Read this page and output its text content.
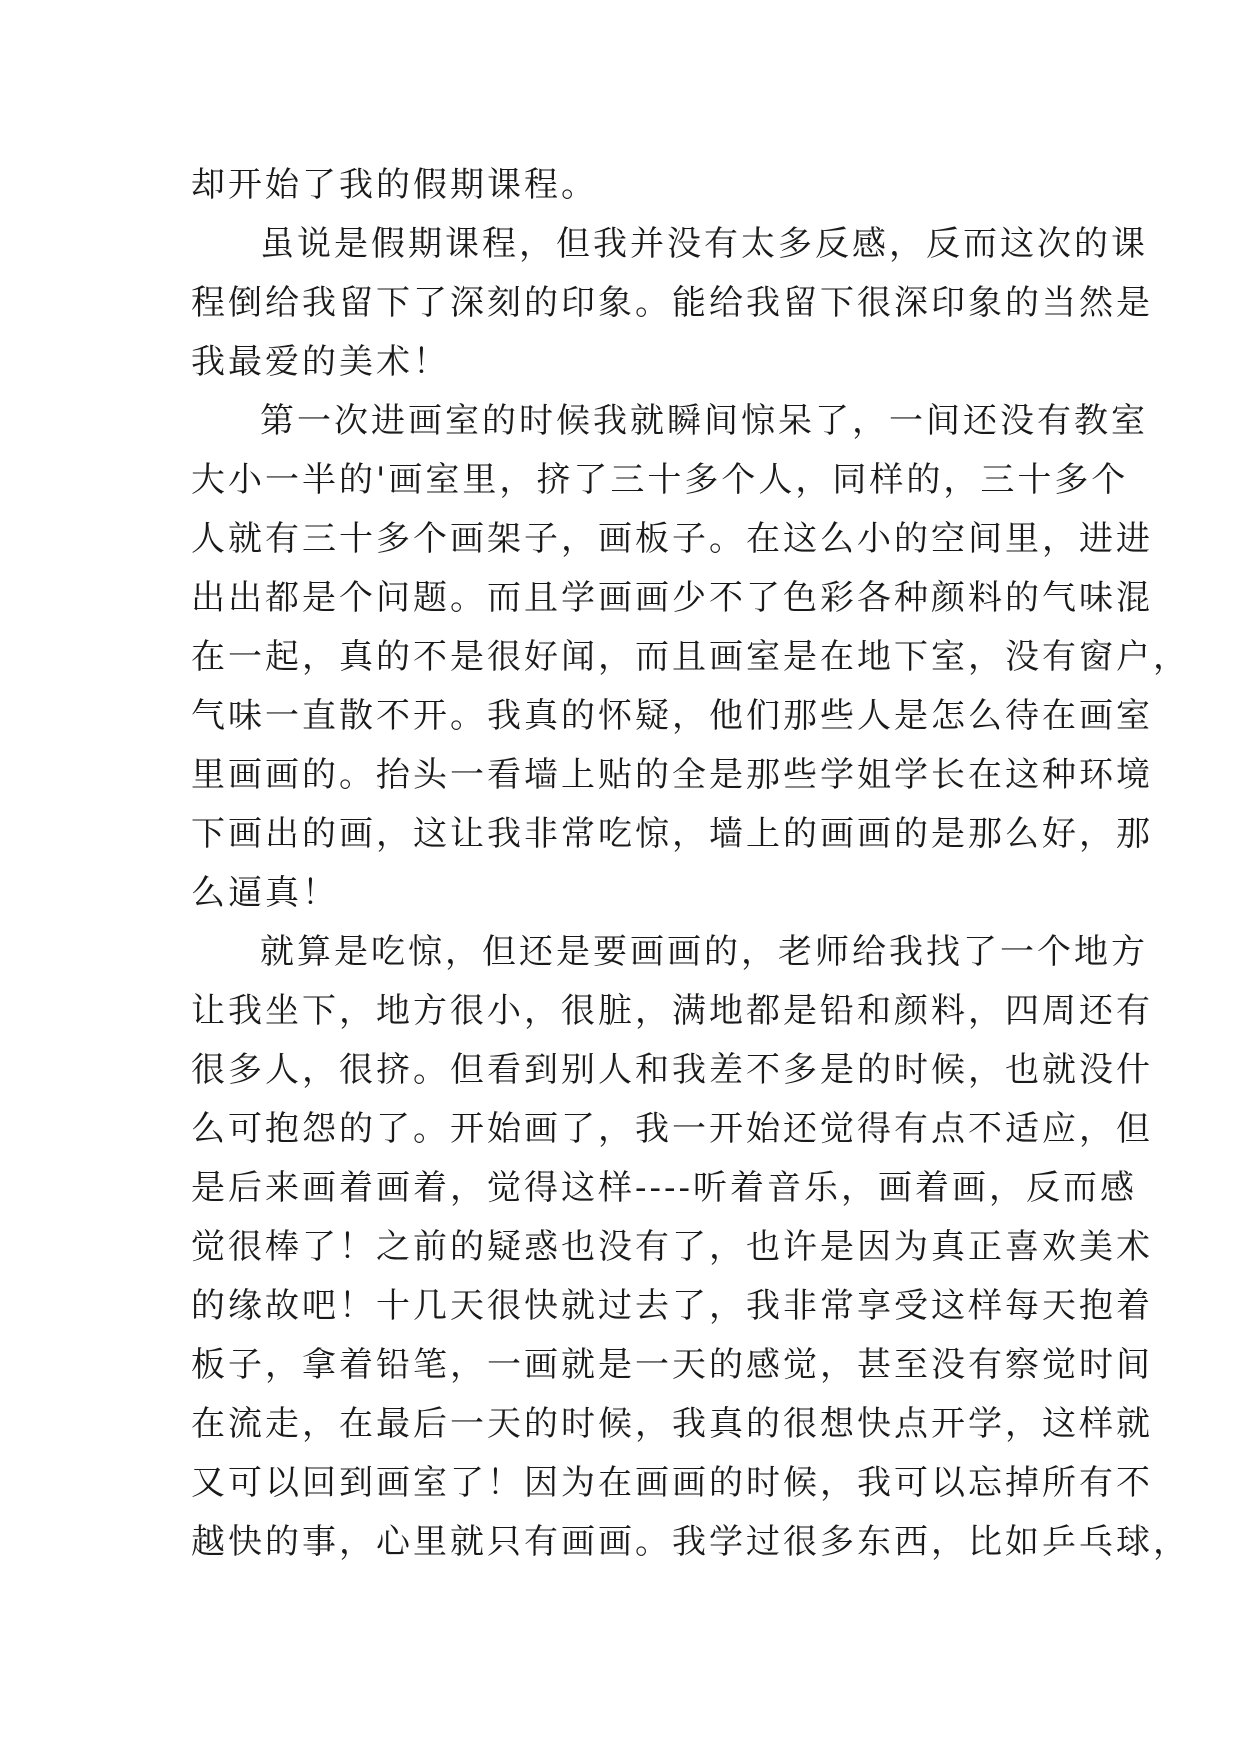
却开始了我的假期课程。
虽说是假期课程，但我并没有太多反感，反而这次的课
程倒给我留下了深刻的印象。能给我留下很深印象的当然是
我最爱的美术！
第一次进画室的时候我就瞬间惊呆了，一间还没有教室
大小一半的'画室里，挤了三十多个人，同样的，三十多个
人就有三十多个画架子，画板子。在这么小的空间里，进进
出出都是个问题。而且学画画少不了色彩各种颜料的气味混
在一起，真的不是很好闻，而且画室是在地下室，没有窗户，
气味一直散不开。我真的怀疑，他们那些人是怎么待在画室
里画画的。抬头一看墙上贴的全是那些学姐学长在这种环境
下画出的画，这让我非常吃惊，墙上的画画的是那么好，那
么逼真！
就算是吃惊，但还是要画画的，老师给我找了一个地方
让我坐下，地方很小，很脏，满地都是铅和颜料，四周还有
很多人，很挤。但看到别人和我差不多是的时候，也就没什
么可抱怨的了。开始画了，我一开始还觉得有点不适应，但
是后来画着画着，觉得这样----听着音乐，画着画，反而感
觉很棒了！之前的疑惑也没有了，也许是因为真正喜欢美术
的缘故吧！十几天很快就过去了，我非常享受这样每天抱着
板子，拿着铅笔，一画就是一天的感觉，甚至没有察觉时间
在流走，在最后一天的时候，我真的很想快点开学，这样就
又可以回到画室了！因为在画画的时候，我可以忘掉所有不
越快的事，心里就只有画画。我学过很多东西，比如乒乓球，
